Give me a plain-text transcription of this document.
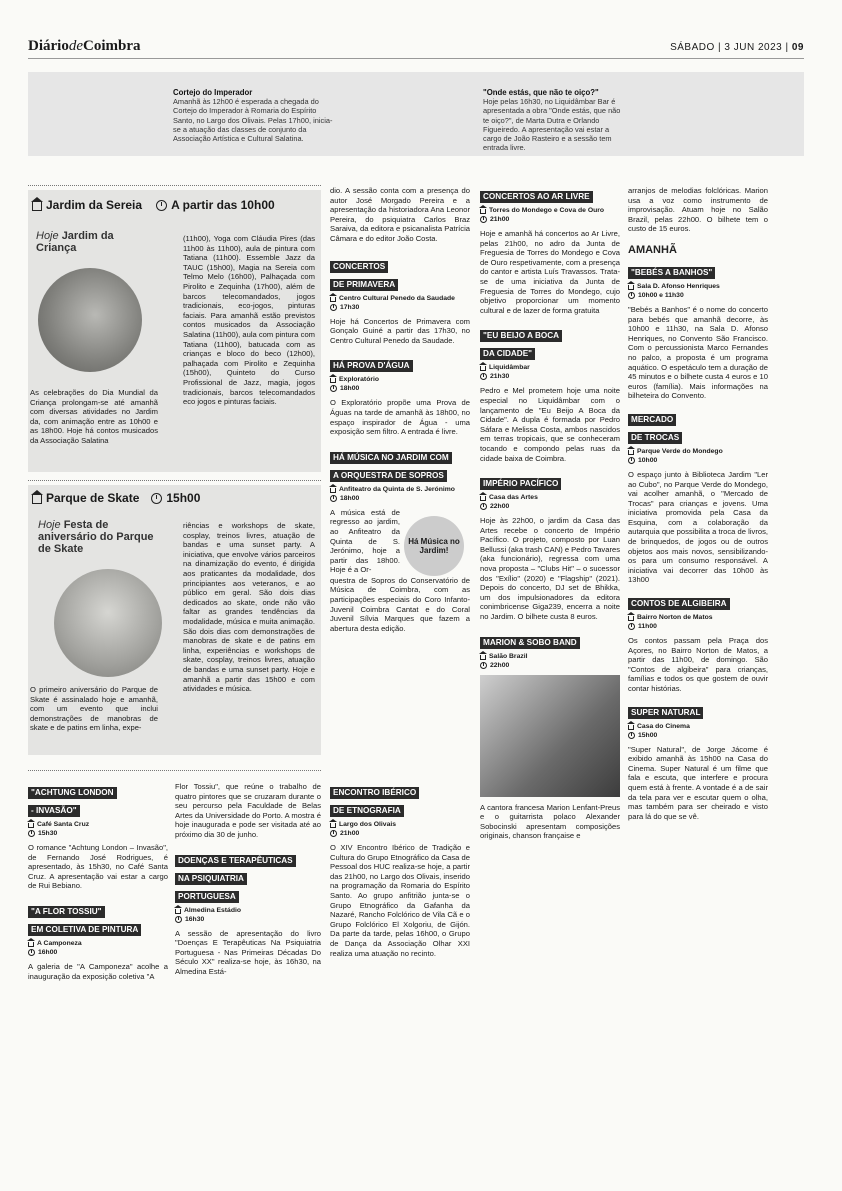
DiáriodeCoimbra	SÁBADO | 3 JUN 2023 | 09
Cortejo do Imperador
Amanhã às 12h00 é esperada a chegada do Cortejo do Imperador à Romaria do Espírito Santo, no Largo dos Olivais. Pelas 17h00, inicia-se a atuação das classes de conjunto da Associação Artística e Cultural Salatina.
"Onde estás, que não te oiço?"
Hoje pelas 16h30, no Liquidâmbar Bar é apresentada a obra "Onde estás, que não te oiço?", de Marta Dutra e Orlando Figueiredo. A apresentação vai estar a cargo de João Rasteiro e a sessão tem entrada livre.
Jardim da Sereia A partir das 10h00
Hoje Jardim da Criança
As celebrações do Dia Mundial da Criança prolongam-se até amanhã com diversas atividades no Jardim da, com animação entre as 10h00 e as 18h00. Hoje há contos musicados da Associação Salatina
(11h00), Yoga com Cláudia Pires (das 11h00 às 11h00), aula de pintura com Tatiana (11h00). Essemble Jazz da TAUC (15h00), Magia na Sereia com Telmo Melo (16h00), Palhaçada com Pirolito e Zequinha (17h00), além de barcos telecomandados, jogos tradicionais, eco-jogos, pinturas faciais. Para amanhã estão previstos contos musicados da Associação Salatina (11h00), aula com pintura com Tatiana (11h00), batucada com as crianças e bloco do beco (12h00), palhaçada com Pirolito e Zequinha (15h00), Quinteto do Curso Profissional de Jazz, magia, jogos tradicionais, barcos telecomandados eco jogos e pinturas faciais.
Parque de Skate 15h00
Hoje Festa de aniversário do Parque de Skate
O primeiro aniversário do Parque de Skate é assinalado hoje e amanhã, com um evento que inclui demonstrações de manobras de skate e de patins em linha, expe-
riências e workshops de skate, cosplay, treinos livres, atuação de bandas e uma sunset party. A iniciativa, que envolve vários parceiros na dinamização do evento, é dirigida aos praticantes da modalidade, dos principiantes aos veteranos, e ao público em geral. São dois dias dedicados ao skate, onde não vão faltar as grandes tendências da modalidade, música e muita animação. São dois dias com demonstrações de manobras de skate e de patins em linha, experiências e workshops de skate, cosplay, treinos livres, atuação de bandas e uma sunset party. Hoje e amanhã a partir das 15h00 e com atividades e música.
dio. A sessão conta com a presença do autor José Morgado Pereira e a apresentação da historiadora Ana Leonor Pereira, do psiquiatra Carlos Braz Saraiva, da editora e psicanalista Patrícia Câmara e do editor João Costa.
CONCERTOS
DE PRIMAVERA
Centro Cultural Penedo da Saudade
17h30
Hoje há Concertos de Primavera com Gonçalo Guiné a partir das 17h30, no Centro Cultural Penedo da Saudade.
HÁ PROVA D'ÁGUA
Exploratório
18h00
O Exploratório propõe uma Prova de Águas na tarde de amanhã às 18h00, no espaço inspirador de Água - uma exposição sem filtro. A entrada é livre.
HÁ MÚSICA NO JARDIM COM
A ORQUESTRA DE SOPROS
Anfiteatro da Quinta de S. Jerónimo
18h00
A música está de regresso ao jardim, ao Anfiteatro da Quinta de S. Jerónimo, hoje a partir das 18h00. Hoje é a Or-
Há Música no Jardim!
questra de Sopros do Conservatório de Música de Coimbra, com as participações especiais do Coro Infanto-Juvenil Coimbra Cantat e do Coral Juvenil Sílvia Marques que fazem a abertura desta edição.
CONCERTOS AO AR LIVRE
Torres do Mondego e Cova de Ouro
21h00
Hoje e amanhã há concertos ao Ar Livre, pelas 21h00, no adro da Junta de Freguesia de Torres do Mondego e Cova de Ouro respetivamente, com a presença do cantor e artista Luís Travassos. Trata-se de uma iniciativa da Junta de Freguesia de Torres do Mondego, cujo objetivo proporcionar um momento cultural e de lazer de forma gratuita
"EU BEIJO A BOCA
DA CIDADE"
Liquidâmbar
21h30
Pedro e Mel prometem hoje uma noite especial no Liquidâmbar com o lançamento de "Eu Beijo A Boca da Cidade". A dupla é formada por Pedro Sáfara e Melissa Costa, ambos nascidos em terras tropicais, que se conheceram tocando e compondo pelas ruas da cidade baixa de Coimbra.
IMPÉRIO PACÍFICO
Casa das Artes
22h00
Hoje às 22h00, o jardim da Casa das Artes recebe o concerto de Império Pacífico. O projeto, composto por Luan Bellussi (aka trash CAN) e Pedro Tavares (aka funcionário), regressa com uma nova proposta – "Clubs Hit" – o sucessor dos "Exílio" (2020) e "Flagship" (2021). Depois do concerto, DJ set de Bhikka, um dos impulsionadores da editora conimbricense Giga239, encerra a noite no Jardim. O bilhete custa 8 euros.
MARION & SOBO BAND
Salão Brazil
22h00
A cantora francesa Marion Lenfant-Preus e o guitarrista polaco Alexander Sobocinski apresentam composições originais, chanson française e
arranjos de melodias folclóricas. Marion usa a voz como instrumento de improvisação. Atuam hoje no Salão Brazil, pelas 22h00. O bilhete tem o custo de 15 euros.
AMANHÃ
"BEBÉS A BANHOS"
Sala D. Afonso Henriques
10h00 e 11h30
"Bebés a Banhos" é o nome do concerto para bebés que amanhã decorre, às 10h00 e 11h30, na Sala D. Afonso Henriques, no Convento São Francisco. Com o percussionista Marco Fernandes no palco, a proposta é um programa aquático. O espetáculo tem a duração de 45 minutos e o bilhete custa 4 euros e 10 euros (família). Mais informações na bilheteira do Convento.
MERCADO
DE TROCAS
Parque Verde do Mondego
10h00
O espaço junto à Biblioteca Jardim "Ler ao Cubo", no Parque Verde do Mondego, vai acolher amanhã, o "Mercado de Trocas" para crianças e jovens. Uma iniciativa promovida pela Casa da Esquina, com a colaboração da autarquia que possibilita a troca de livros, de brinquedos, de jogos ou de outros objetos aos mais novos, sensibilizando-os para um consumo responsável. A iniciativa vai decorrer das 10h00 às 13h00
CONTOS DE ALGIBEIRA
Bairro Norton de Matos
11h00
Os contos passam pela Praça dos Açores, no Bairro Norton de Matos, a partir das 11h00, de domingo. São "Contos de algibeira" para crianças, famílias e todos os que gostem de ouvir contar histórias.
SUPER NATURAL
Casa do Cinema
15h00
"Super Natural", de Jorge Jácome é exibido amanhã às 15h00 na Casa do Cinema. Super Natural é um filme que fala e escuta, que interfere e procura quem está à frente. A vontade é a de sair da tela para ver e escutar quem o olha, mas também para ser cheirado e visto para lá do que se vê.
"ACHTUNG LONDON
- INVASÃO"
Café Santa Cruz
15h30
O romance "Achtung London – Invasão", de Fernando José Rodrigues, é apresentado, às 15h30, no Café Santa Cruz. A apresentação vai estar a cargo de Rui Bebiano.
"A FLOR TOSSIU"
EM COLETIVA DE PINTURA
A Camponeza
16h00
A galeria de "A Camponeza" acolhe a inauguração da exposição coletiva "A
Flor Tossiu", que reúne o trabalho de quatro pintores que se cruzaram durante o seu percurso pela Faculdade de Belas Artes da Universidade do Porto. A mostra é hoje inaugurada e pode ser visitada até ao próximo dia 30 de junho.
DOENÇAS E TERAPÊUTICAS
NA PSIQUIATRIA
PORTUGUESA
Almedina Estádio
16h30
A sessão de apresentação do livro "Doenças E Terapêuticas Na Psiquiatria Portuguesa - Nas Primeiras Décadas Do Século XX" realiza-se hoje, às 16h30, na Almedina Está-
ENCONTRO IBÉRICO
DE ETNOGRAFIA
Largo dos Olivais
21h00
O XIV Encontro Ibérico de Tradição e Cultura do Grupo Etnográfico da Casa de Pessoal dos HUC realiza-se hoje, a partir das 21h00, no Largo dos Olivais, inserido na programação da Romaria do Espírito Santo. Ao grupo anfitrião junta-se o Grupo Etnográfico da Gafanha da Nazaré, Rancho Folclórico de Vila Cã e o Grupo Folclórico El Xolgoriu, de Gijón. Da parte da tarde, pelas 16h00, o Grupo de Dança da Associação Olhar XXI realiza uma atuação no recinto.
